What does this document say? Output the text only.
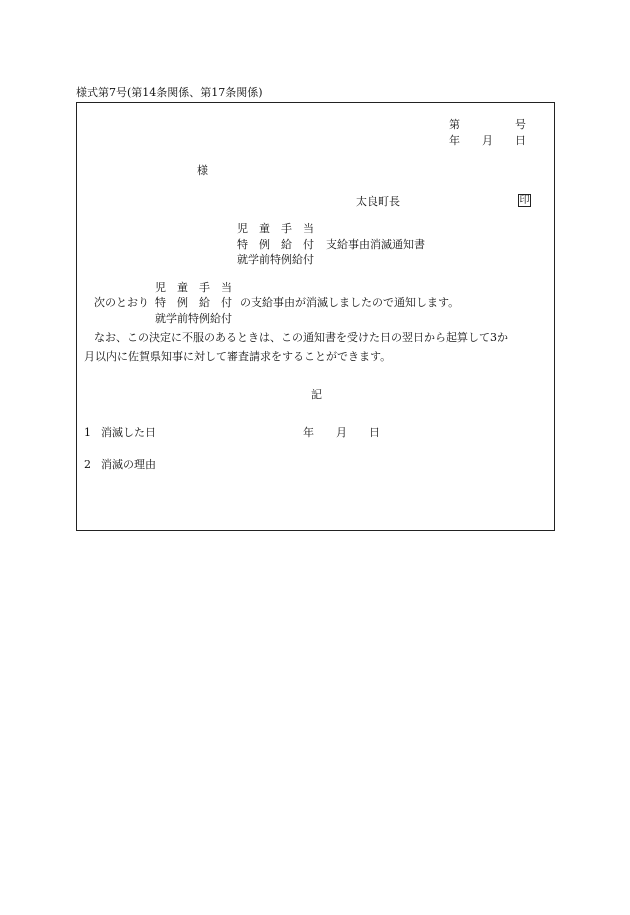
様式第7号(第14条関係、第17条関係)
第　　　　　号
年　　月　　日
様
太良町長	印
児　童　手　当
特　例　給　付 支給事由消滅通知書
就学前特例給付
児　童　手　当
次のとおり 特　例　給　付 の支給事由が消滅しましたので通知します。
就学前特例給付
なお、この決定に不服のあるときは、この通知書を受けた日の翌日から起算して3か
月以内に佐賀県知事に対して審査請求をすることができます。
記
1 消滅した日	年　　月　　日
2 消滅の理由
